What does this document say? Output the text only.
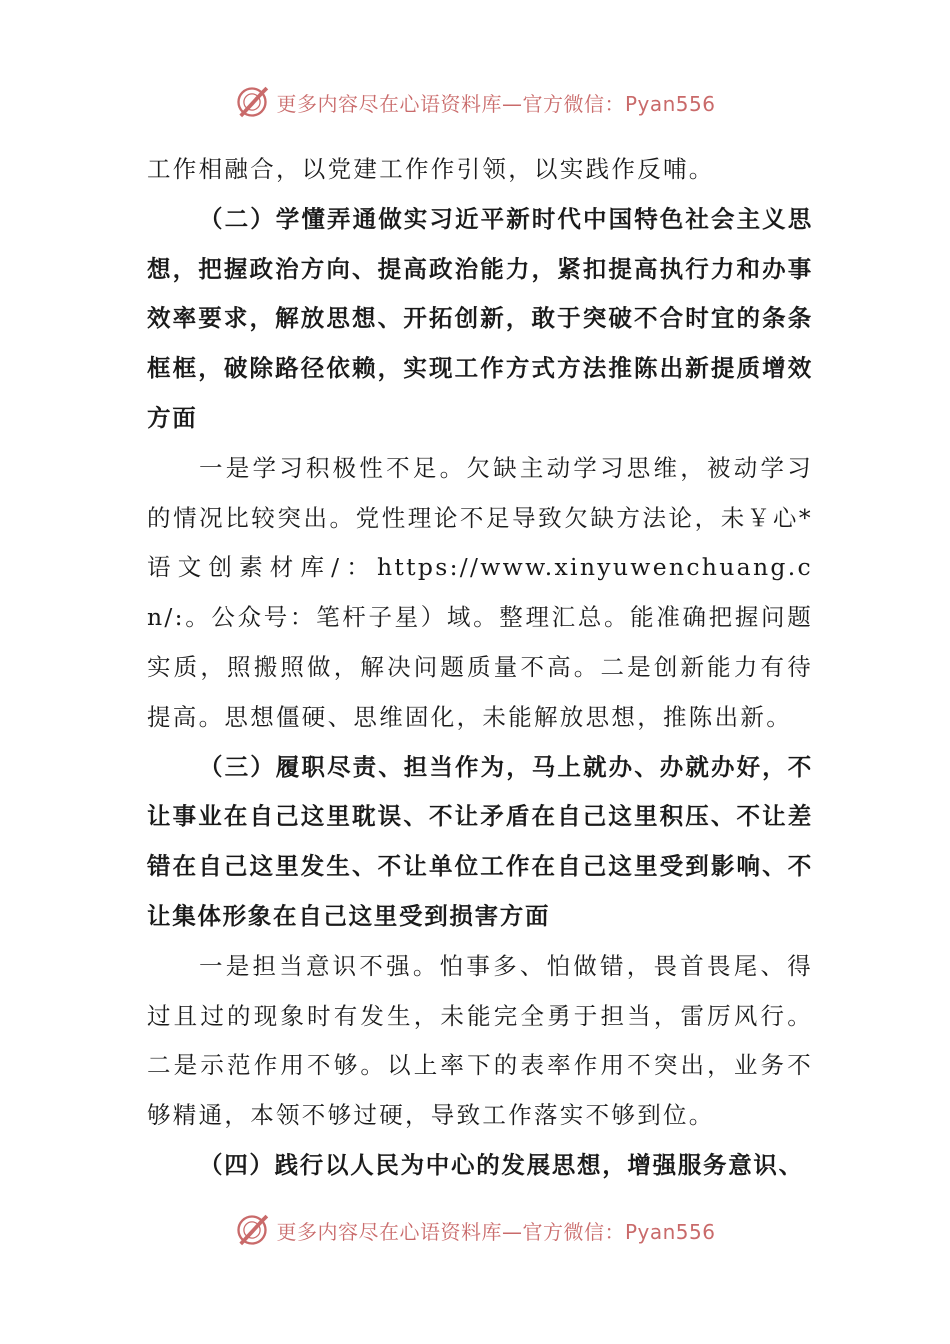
更多内容尽在心语资料库—官方微信：Pyan556

工作相融合，以党建工作作引领，以实践作反哺。

（二）学懂弄通做实习近平新时代中国特色社会主义思想，把握政治方向、提高政治能力，紧扣提高执行力和办事效率要求，解放思想、开拓创新，敢于突破不合时宜的条条框框，破除路径依赖，实现工作方式方法推陈出新提质增效方面

一是学习积极性不足。欠缺主动学习思维，被动学习的情况比较突出。党性理论不足导致欠缺方法论，未￥心*语文创素材库/：https://www.xinyuwenchuang.cn/:。公众号：笔杆子星）域。整理汇总。能准确把握问题实质，照搬照做，解决问题质量不高。二是创新能力有待提高。思想僵硬、思维固化，未能解放思想，推陈出新。

（三）履职尽责、担当作为，马上就办、办就办好，不让事业在自己这里耽误、不让矛盾在自己这里积压、不让差错在自己这里发生、不让单位工作在自己这里受到影响、不让集体形象在自己这里受到损害方面

一是担当意识不强。怕事多、怕做错，畏首畏尾、得过且过的现象时有发生，未能完全勇于担当，雷厉风行。二是示范作用不够。以上率下的表率作用不突出，业务不够精通，本领不够过硬，导致工作落实不够到位。

（四）践行以人民为中心的发展思想，增强服务意识、

更多内容尽在心语资料库—官方微信：Pyan556
